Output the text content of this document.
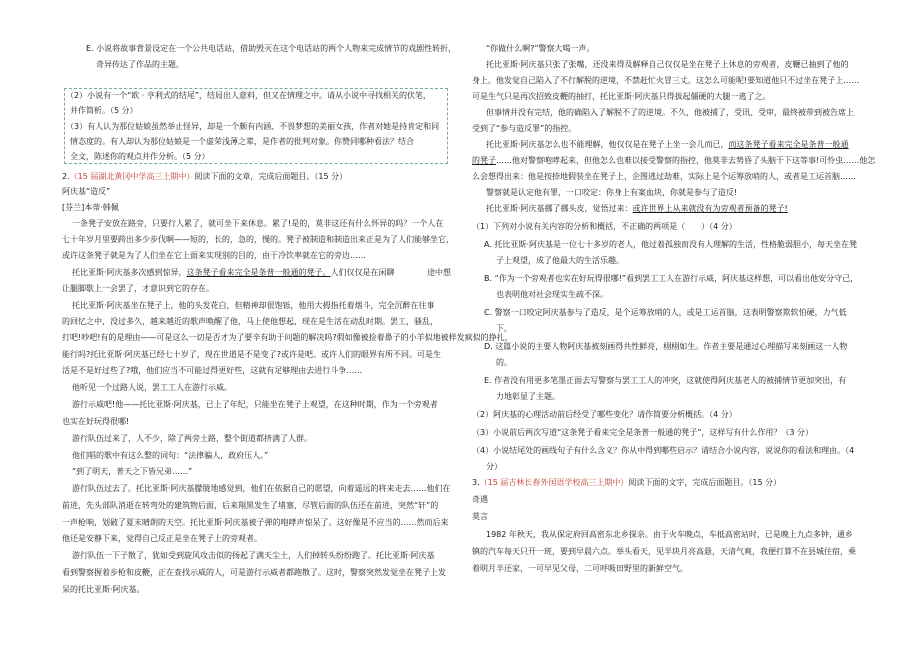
E. 小说将故事背景设定在一个公共电话站，借助毁灭在这个电话站的两个人物来完成情节的戏剧性转折，
奇异传达了作品的主题。
（2）小说有一个“欧 · 亨利式的结尾”，结局出人意料，但又在情理之中。请从小说中寻找相关的伏笔，
并作简析。（5 分）
（3）有人认为那位姑娘虽然举止怪异，却是一个颇有内涵、不畏梦想的美丽女孩，作者对她是持肯定和同
情态度的。有人却认为那位姑娘是一个虚荣浅薄之辈，是作者的批判对象。你赞同哪种看法？结合
全文，陈述你的观点并作分析。（5 分）
2.（15 届湖北黄冈中学高三上期中）阅读下面的文章，完成后面题目。（15 分）
阿庆基“造反”
[芬兰]本蒂·韩佩
一条凳子安放在路旁，只要行人累了，就可坐下来休息。累了!是的，莫非这还有什么怀异的吗？一个人在
七十年岁月里要跨出多少步伐啊——短的，长的，急的，慢的。凳子被制造和制造出来正是为了人们能够坐它，
或许这条凳子就是为了人们坐在它上面来实现别的目的，由于冷饮率就在它的旁边……
托比亚斯·阿庆基多次感到惊异，这条凳子看来完全是条普一般通的凳子。人们仅仅是在闲聊	途中想
让腿脚歇上一会罢了，才意识到它的存在。
托比亚斯·阿庆基坐在凳子上，他的头发花白，但精神却很饱铄，他用大拇指托着烟斗，完全沉醉在往事
的回忆之中，没过多久，越来越近的歌声唤醒了他，马上使他想起，现在是生活在动乱时期。罢工，骚乱，
打吧!吵吧!有的是理由——可是这么一切是否才为了要辛有助于问题的解决吗?假如像被捡着鼻子的小羊似地被样发疯似的挣扎，
能行吗?托比亚斯·阿庆基已经七十岁了，现在世道是不是变了?或许是吧。或许人们的眼界有所不同。可是生
活是不是好过些了?哦，他们应当不可能过得更好些，这就有足够理由去进行斗争……
他听见一个过路人说，罢工工人在游行示威。
游行示威吧!他——托比亚斯·阿庆基，已上了年纪，只能坐在凳子上观望，在这种时期，作为一个旁观者
也实在好玩得很哪!
游行队伍过来了，人不少，除了两旁土路，整个街道都挤满了人群。
他们唱的歌中有这么整的词句：“法律骗人，政府压人。”
“到了明天，普天之下皆兄弟……”
游行队伍过去了。托比亚斯·阿庆基朦胧地感觉到，他们在依据自己的愿望，向着遥远的将来走去……他们在
前进，先头部队消逝在转弯处的建筑物后面，后来翔黑发生了堵塞，尽管后面的队伍还在前进，突然“轩”的
一声枪响，划破了夏末晴朗的天空。托比亚斯·阿庆基被子弹的咆哮声惊呆了。这好像是不应当的……然而后来
他还是安静下来，觉得自己反正是坐在凳子上的旁观者。
游行队伍一下子散了，犹如受到旋风攻击似的扬起了满天尘土，人们掉转头纷纷跑了。托比亚斯·阿庆基
看到警察握着步枪和皮鞭，正在查找示威的人，可是游行示威者都跑散了。这时，警察突然发觉坐在凳子上发
呆的托比亚斯·阿庆基。
“你做什么啊?”警察大喝一声。
托比亚斯·阿庆基只张了张嘴，还没来得及解释自己仅仅是坐在凳子上休息的旁观者，皮鞭已抽到了他的
身上。他发觉自己陷入了不行解脱的逆境，不禁赶忙火冒三丈。这怎么可能呢!要知道他只不过坐在凳子上……
可是生气只是再次招致皮鞭的抽打，托比亚斯·阿庆基只得拔起僵硬的大腿一逃了之。
但事情并没有完结，他的确陷入了解脱不了的逆境。不久，他被捕了，受讯、受审，最终被带到被告席上
受到了“参与造反罪”的指控。
托比亚斯·阿庆基怎么也不能理解，他仅仅是在凳子上坐一会儿而已，而这条凳子看来完全是条普一般通
的凳子……他对警察咆哮起来，但他怎么也难以接受警察的指控，他莫非去势昏了头脑干下这等事!可怜虫……他怎
么会想得出来：他是按捺地假装坐在凳子上，企图逃过劫难，实际上是个运筹放哨的人，或者是工运首脑……
警察就是认定他有罪，一口咬定：你身上有案血块，你就是参与了造反!
托比亚斯·阿庆基挪了挪头皮，觉悟过来：或许世界上从来就没有为旁观者预备的凳子!
（1）下列对小说有关内容的分析和概括，不正确的两项是（　　）（4 分）
A. 托比亚斯·阿庆基是一位七十多岁的老人，他过着孤独而没有人理解的生活，性格脆弱胆小，每天坐在凳
子上观望，成了他最大的生活乐趣。
B. “作为一个旁观者也实在好玩得很哪!”看到罢工工人在游行示威，阿庆基这样想，可以看出他安分守己，
也表明他对社会现实生疏不深。
C. 警察一口咬定阿庆基参与了造反，是个运筹放哨的人，或是工运首脑，这表明警察欺软怕硬，力气低
下。
D. 这篇小说的主要人物阿庆基被刻画得共性鲜亮，栩栩如生。作者主要是通过心理描写来刻画这一人物
的。
E. 作者没有用更多笔墨正面去写警察与罢工工人的冲突，这就使得阿庆基老人的被捕情节更加突出，有
力地彰显了主题。
（2）阿庆基的心理活动前后经受了哪些变化？请作简要分析概括。（4 分）
（3）小说前后两次写道“这条凳子看来完全是条普一般通的凳子”，这样写有什么作用？（3 分）
（4）小说结尾处的画线句子有什么含义？你从中得到哪些启示？请结合小说内容，说说你的看法和理由。（4
分）
3.（15 届吉林长春外国语学校高三上期中）阅读下面的文字，完成后面题目。（15 分）
奇遇
莫言
1982 年秋天，我从保定府回高密东北乡探亲。由于火车晚点，车抵高密站时，已是晚上九点多钟，通乡
镇的汽车每天只开一班，要到早晨六点。举头看天，见半块月亮高悬，天清气爽，我便打算不在县城住宿，乘
着明月半还家，一可早见父母，二可呼吸田野里的新鲜空气。
